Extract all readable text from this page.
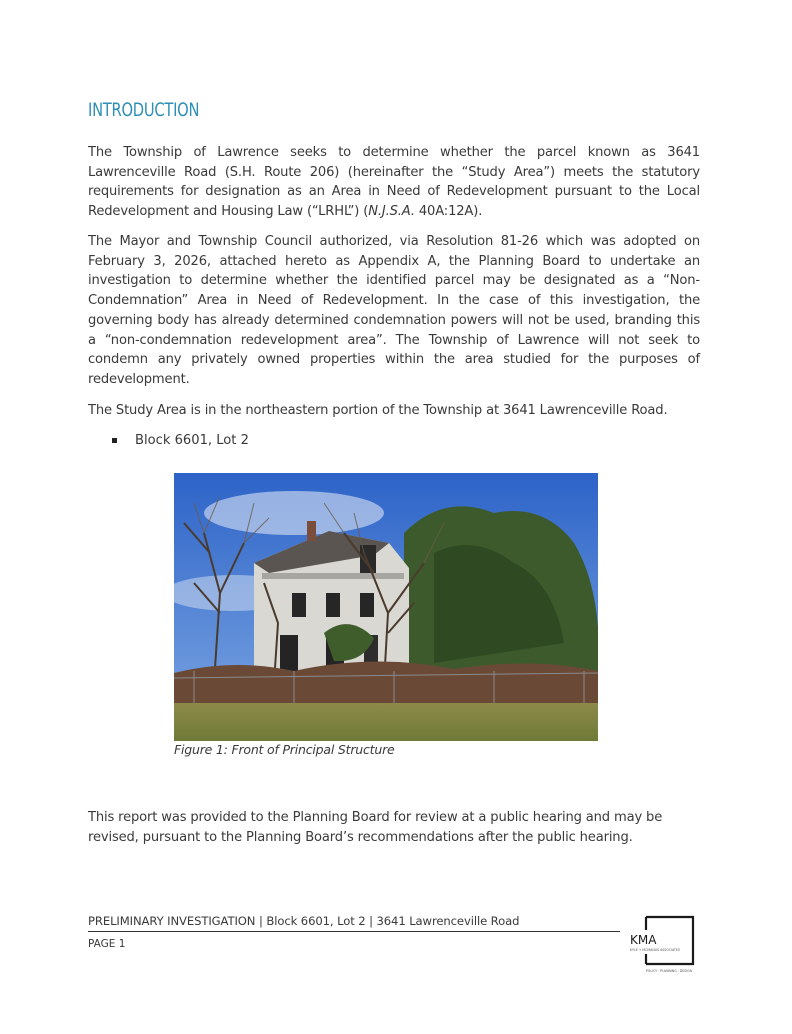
INTRODUCTION

The Township of Lawrence seeks to determine whether the parcel known as 3641 Lawrenceville Road (S.H. Route 206) (hereinafter the “Study Area”) meets the statutory requirements for designation as an Area in Need of Redevelopment pursuant to the Local Redevelopment and Housing Law (“LRHL”) (N.J.S.A. 40A:12A).

The Mayor and Township Council authorized, via Resolution 81-26 which was adopted on February 3, 2026, attached hereto as Appendix A, the Planning Board to undertake an investigation to determine whether the identified parcel may be designated as a “Non-Condemnation” Area in Need of Redevelopment. In the case of this investigation, the governing body has already determined condemnation powers will not be used, branding this a “non-condemnation redevelopment area”. The Township of Lawrence will not seek to condemn any privately owned properties within the area studied for the purposes of redevelopment.

The Study Area is in the northeastern portion of the Township at 3641 Lawrenceville Road.

Block 6601, Lot 2

Figure 1: Front of Principal Structure

This report was provided to the Planning Board for review at a public hearing and may be revised, pursuant to the Planning Board’s recommendations after the public hearing.

PRELIMINARY INVESTIGATION | Block 6601, Lot 2 | 3641 Lawrenceville Road

PAGE 1	KMA
KYLE + MCMANUS ASSOCIATES
POLICY · PLANNING · DESIGN
